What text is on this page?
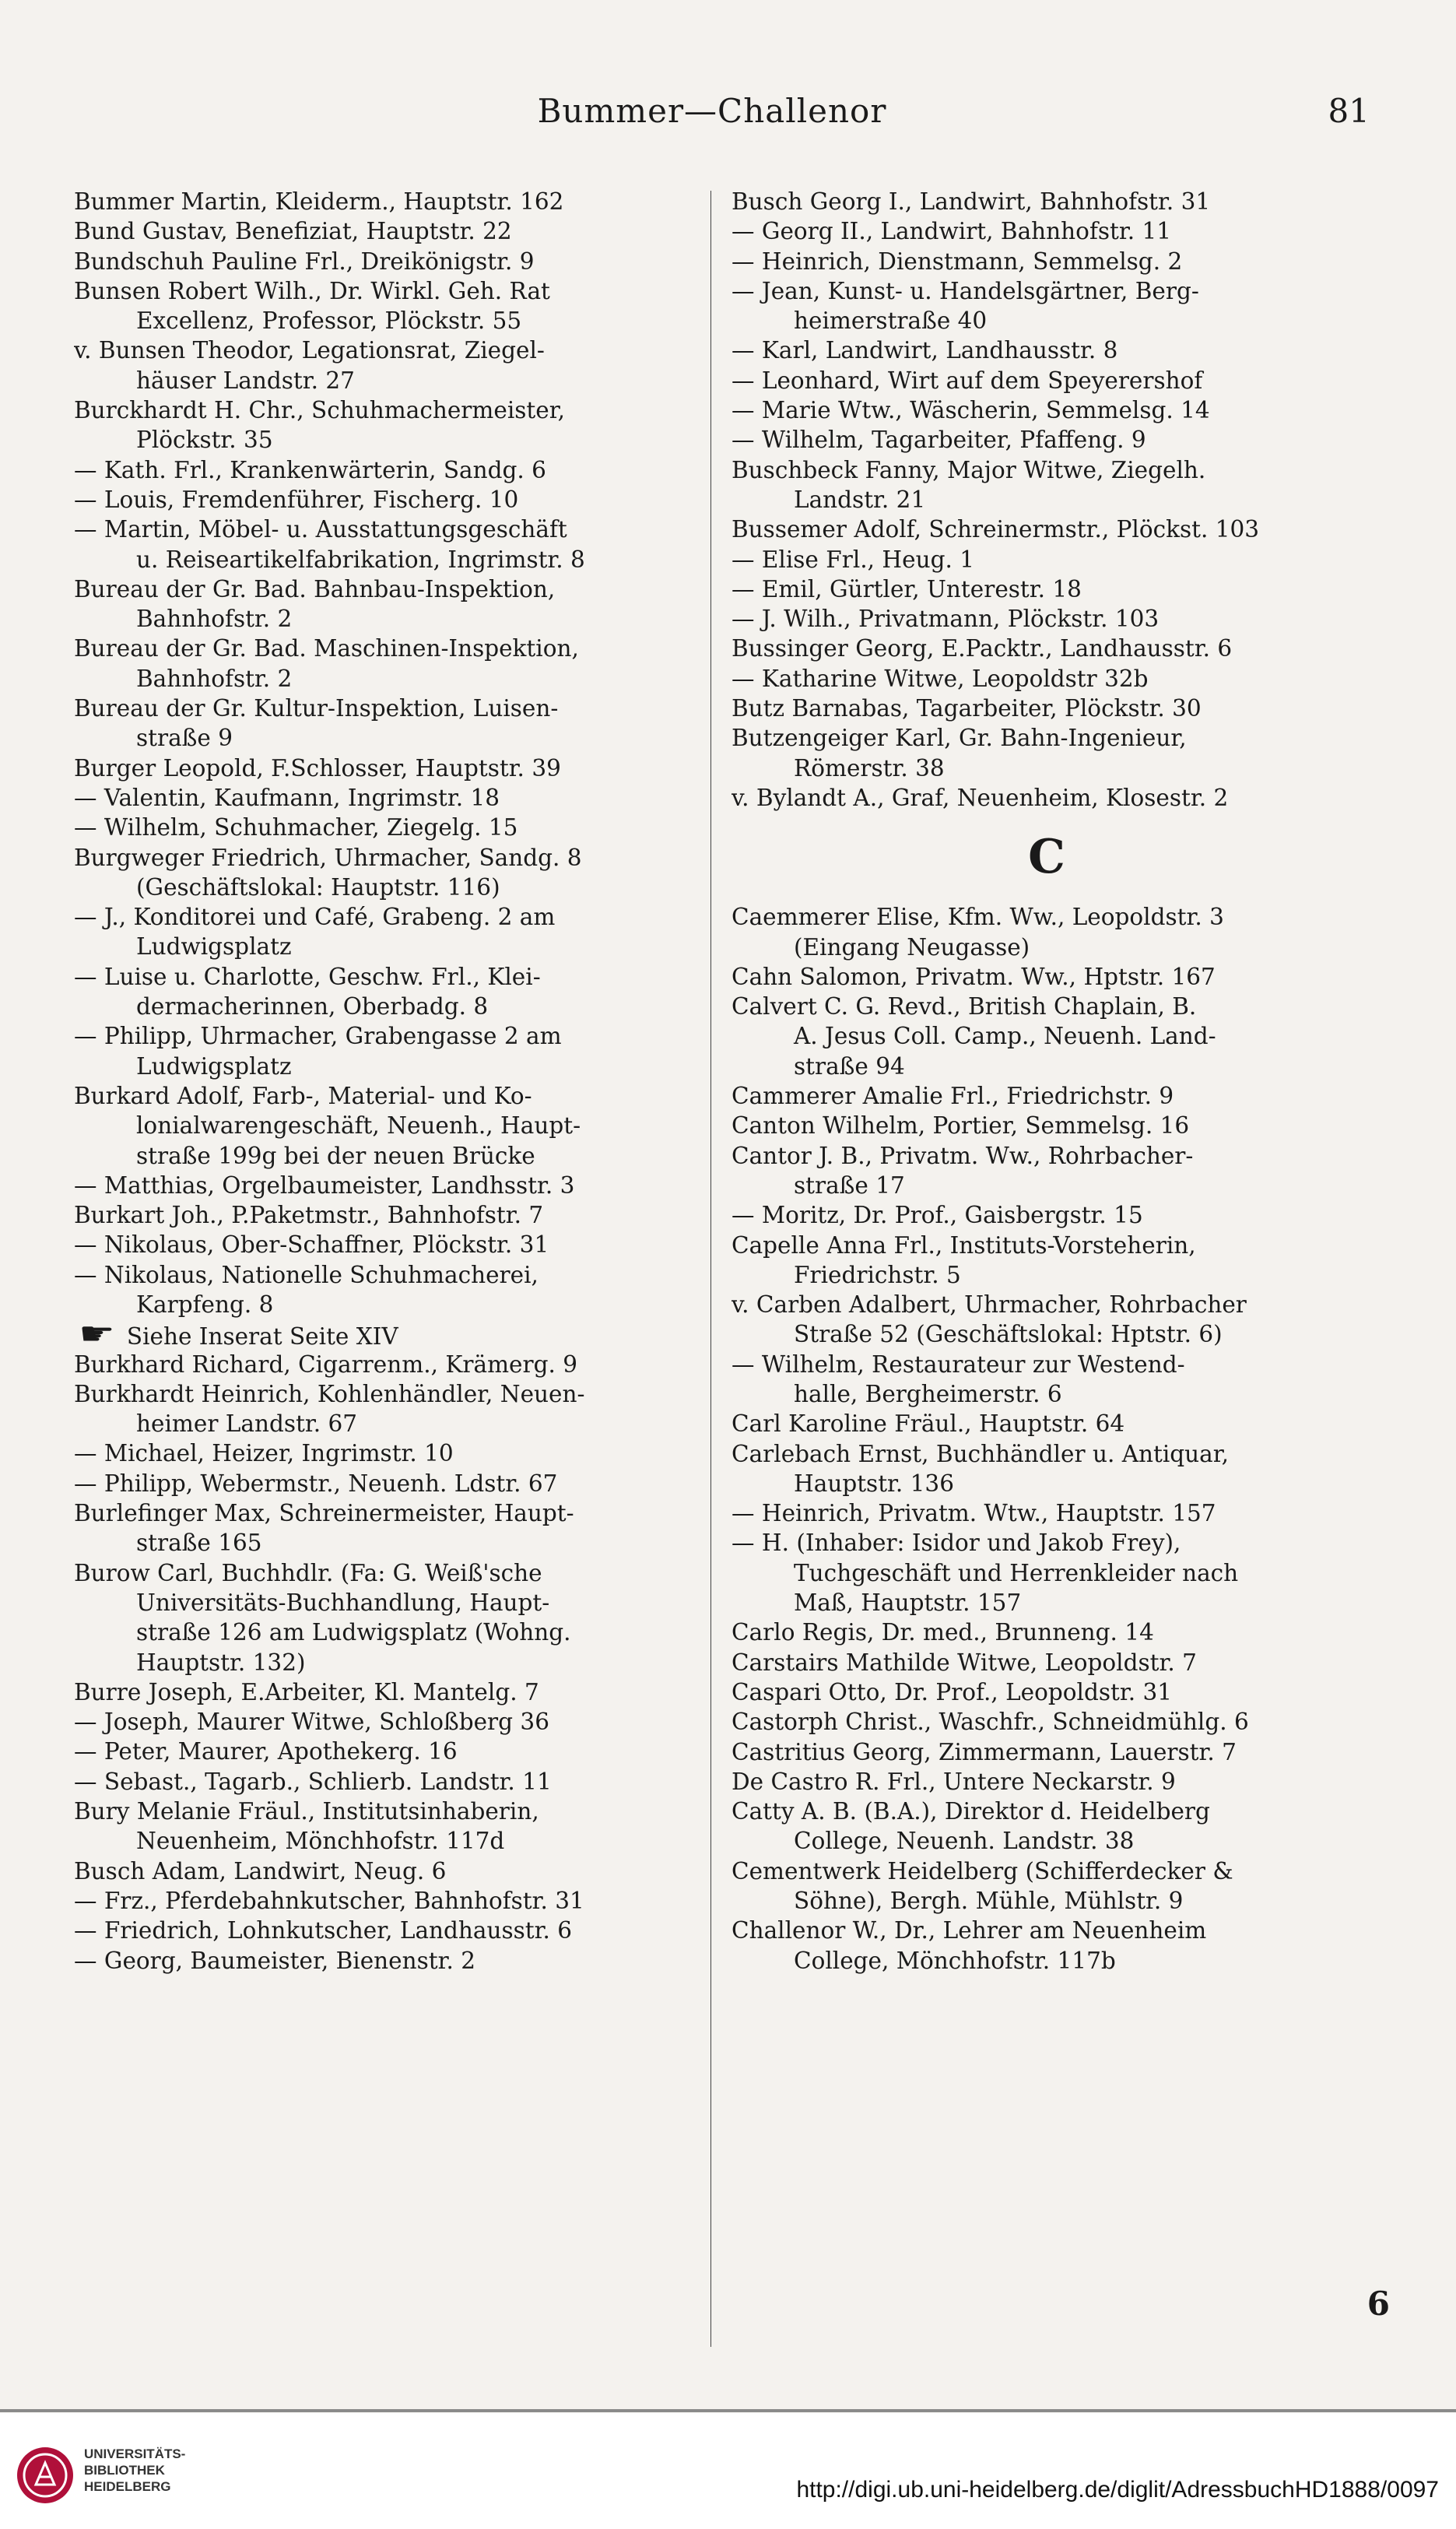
Bummer—Challenor	81
Bummer Martin, Kleiderm., Hauptstr. 162
Bund Gustav, Benefiziat, Hauptstr. 22
Bundschuh Pauline Frl., Dreikönigstr. 9
Bunsen Robert Wilh., Dr. Wirkl. Geh. Rat
Excellenz, Professor, Plöckstr. 55
v. Bunsen Theodor, Legationsrat, Ziegel-
häuser Landstr. 27
Burckhardt H. Chr., Schuhmachermeister,
Plöckstr. 35
— Kath. Frl., Krankenwärterin, Sandg. 6
— Louis, Fremdenführer, Fischerg. 10
— Martin, Möbel- u. Ausstattungsgeschäft
u. Reiseartikelfabrikation, Ingrimstr. 8
Bureau der Gr. Bad. Bahnbau-Inspektion,
Bahnhofstr. 2
Bureau der Gr. Bad. Maschinen-Inspektion,
Bahnhofstr. 2
Bureau der Gr. Kultur-Inspektion, Luisen-
straße 9
Burger Leopold, F.Schlosser, Hauptstr. 39
— Valentin, Kaufmann, Ingrimstr. 18
— Wilhelm, Schuhmacher, Ziegelg. 15
Burgweger Friedrich, Uhrmacher, Sandg. 8
(Geschäftslokal: Hauptstr. 116)
— J., Konditorei und Café, Grabeng. 2 am
Ludwigsplatz
— Luise u. Charlotte, Geschw. Frl., Klei-
dermacherinnen, Oberbadg. 8
— Philipp, Uhrmacher, Grabengasse 2 am
Ludwigsplatz
Burkard Adolf, Farb-, Material- und Ko-
lonialwarengeschäft, Neuenh., Haupt-
straße 199g bei der neuen Brücke
— Matthias, Orgelbaumeister, Landhsstr. 3
Burkart Joh., P.Paketmstr., Bahnhofstr. 7
— Nikolaus, Ober-Schaffner, Plöckstr. 31
— Nikolaus, Nationelle Schuhmacherei,
Karpfeng. 8
☛ Siehe Inserat Seite XIV
Burkhard Richard, Cigarrenm., Krämerg. 9
Burkhardt Heinrich, Kohlenhändler, Neuen-
heimer Landstr. 67
— Michael, Heizer, Ingrimstr. 10
— Philipp, Webermstr., Neuenh. Ldstr. 67
Burlefinger Max, Schreinermeister, Haupt-
straße 165
Burow Carl, Buchhdlr. (Fa: G. Weiß'sche
Universitäts-Buchhandlung, Haupt-
straße 126 am Ludwigsplatz (Wohng.
Hauptstr. 132)
Burre Joseph, E.Arbeiter, Kl. Mantelg. 7
— Joseph, Maurer Witwe, Schloßberg 36
— Peter, Maurer, Apothekerg. 16
— Sebast., Tagarb., Schlierb. Landstr. 11
Bury Melanie Fräul., Institutsinhaberin,
Neuenheim, Mönchhofstr. 117d
Busch Adam, Landwirt, Neug. 6
— Frz., Pferdebahnkutscher, Bahnhofstr. 31
— Friedrich, Lohnkutscher, Landhausstr. 6
— Georg, Baumeister, Bienenstr. 2
Busch Georg I., Landwirt, Bahnhofstr. 31
— Georg II., Landwirt, Bahnhofstr. 11
— Heinrich, Dienstmann, Semmelsg. 2
— Jean, Kunst- u. Handelsgärtner, Berg-
heimerstraße 40
— Karl, Landwirt, Landhausstr. 8
— Leonhard, Wirt auf dem Speyerershof
— Marie Wtw., Wäscherin, Semmelsg. 14
— Wilhelm, Tagarbeiter, Pfaffeng. 9
Buschbeck Fanny, Major Witwe, Ziegelh.
Landstr. 21
Bussemer Adolf, Schreinermstr., Plöckst. 103
— Elise Frl., Heug. 1
— Emil, Gürtler, Unterestr. 18
— J. Wilh., Privatmann, Plöckstr. 103
Bussinger Georg, E.Packtr., Landhausstr. 6
— Katharine Witwe, Leopoldstr 32b
Butz Barnabas, Tagarbeiter, Plöckstr. 30
Butzengeiger Karl, Gr. Bahn-Ingenieur,
Römerstr. 38
v. Bylandt A., Graf, Neuenheim, Klosestr. 2
C
Caemmerer Elise, Kfm. Ww., Leopoldstr. 3
(Eingang Neugasse)
Cahn Salomon, Privatm. Ww., Hptstr. 167
Calvert C. G. Revd., British Chaplain, B.
A. Jesus Coll. Camp., Neuenh. Land-
straße 94
Cammerer Amalie Frl., Friedrichstr. 9
Canton Wilhelm, Portier, Semmelsg. 16
Cantor J. B., Privatm. Ww., Rohrbacher-
straße 17
— Moritz, Dr. Prof., Gaisbergstr. 15
Capelle Anna Frl., Instituts-Vorsteherin,
Friedrichstr. 5
v. Carben Adalbert, Uhrmacher, Rohrbacher
Straße 52 (Geschäftslokal: Hptstr. 6)
— Wilhelm, Restaurateur zur Westend-
halle, Bergheimerstr. 6
Carl Karoline Fräul., Hauptstr. 64
Carlebach Ernst, Buchhändler u. Antiquar,
Hauptstr. 136
— Heinrich, Privatm. Wtw., Hauptstr. 157
— H. (Inhaber: Isidor und Jakob Frey),
Tuchgeschäft und Herrenkleider nach
Maß, Hauptstr. 157
Carlo Regis, Dr. med., Brunneng. 14
Carstairs Mathilde Witwe, Leopoldstr. 7
Caspari Otto, Dr. Prof., Leopoldstr. 31
Castorph Christ., Waschfr., Schneidmühlg. 6
Castritius Georg, Zimmermann, Lauerstr. 7
De Castro R. Frl., Untere Neckarstr. 9
Catty A. B. (B.A.), Direktor d. Heidelberg
College, Neuenh. Landstr. 38
Cementwerk Heidelberg (Schifferdecker &
Söhne), Bergh. Mühle, Mühlstr. 9
Challenor W., Dr., Lehrer am Neuenheim
College, Mönchhofstr. 117b
6
UNIVERSITÄTS-
BIBLIOTHEK
HEIDELBERG	http://digi.ub.uni-heidelberg.de/diglit/AdressbuchHD1888/0097
